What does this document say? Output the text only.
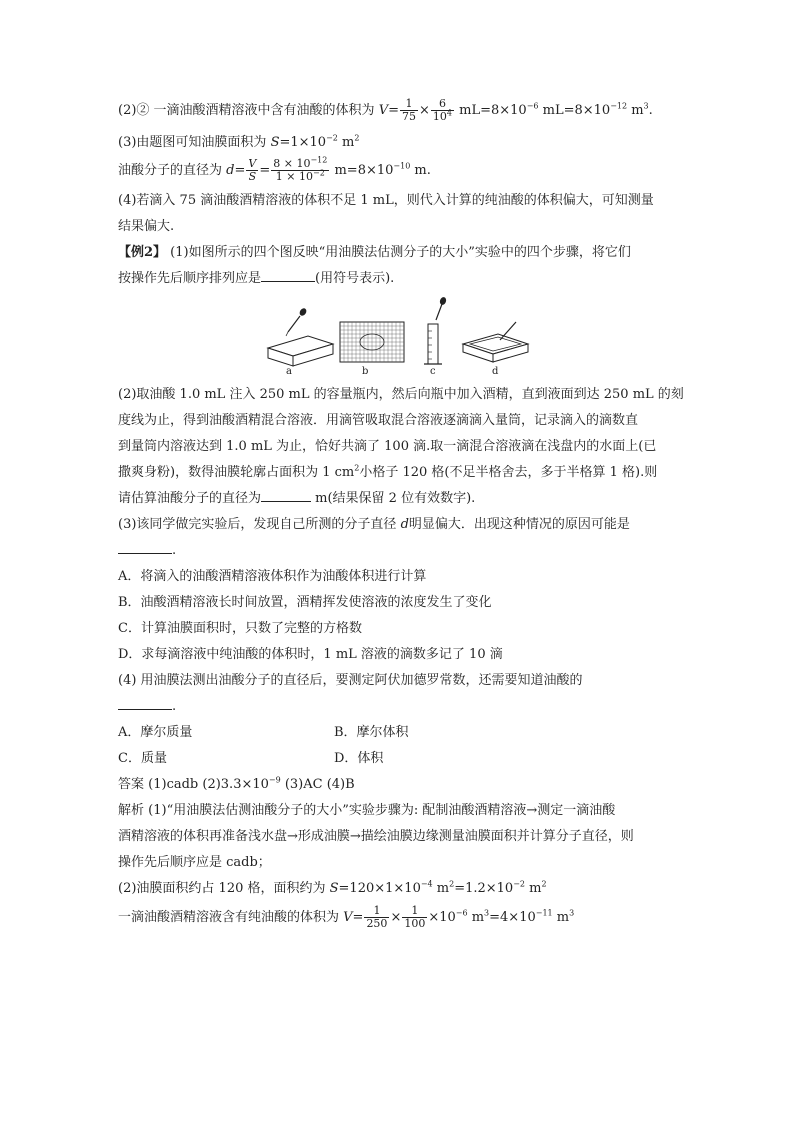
(2)② 一滴油酸酒精溶液中含有油酸的体积为 $V= \frac{1}{75} \times \frac{6}{10^4} mL=8\times 10^{-6}$ $mL=8\times 10^{-12}$ $m^3$.
(3)由题图可知油膜面积为 $S=1\times 10^{-2}$ $m^2$
油酸分子的直径为 $d= \frac{V}{S} = \frac{8 \times 10^{-12}}{1 \times 10^{-2}} m=8\times 10^{-10}$ m.
(4)若滴入 75 滴油酸酒精溶液的体积不足 1 mL，则代入计算的纯油酸的体积偏大，可知测量
结果偏大.
【例2】 (1)如图所示的四个图反映“用油膜法估测分子的大小”实验中的四个步骤，将它们
按操作先后顺序排列应是	(用符号表示).
a	b	c	d
(2)取油酸 1.0 mL 注入 250 mL 的容量瓶内，然后向瓶中加入酒精，直到液面到达 250 mL 的刻
度线为止，得到油酸酒精混合溶液．用滴管吸取混合溶液逐滴滴入量筒，记录滴入的滴数直
到量筒内溶液达到 1.0 mL 为止，恰好共滴了 100 滴.取一滴混合溶液滴在浅盘内的水面上(已
撒爽身粉)，数得油膜轮廓占面积为 1 $cm^2$小格子 120 格(不足半格舍去，多于半格算 1 格).则
请估算油酸分子的直径为	m(结果保留 2 位有效数字).
(3)该同学做完实验后，发现自己所测的分子直径 d明显偏大．出现这种情况的原因可能是
.
A．将滴入的油酸酒精溶液体积作为油酸体积进行计算
B．油酸酒精溶液长时间放置，酒精挥发使溶液的浓度发生了变化
C．计算油膜面积时，只数了完整的方格数
D．求每滴溶液中纯油酸的体积时，1 mL 溶液的滴数多记了 10 滴
(4) 用油膜法测出油酸分子的直径后，要测定阿伏加德罗常数，还需要知道油酸的
.
A．摩尔质量	B．摩尔体积
C．质量	D．体积
答案 (1)cadb $(2)3.3\times 10^{-9}$ (3)AC (4)B
解析 (1)“用油膜法估测油酸分子的大小”实验步骤为: 配制油酸酒精溶液→测定一滴油酸
酒精溶液的体积再准备浅水盘→形成油膜→描绘油膜边缘测量油膜面积并计算分子直径，则
操作先后顺序应是 cadb；
(2)油膜面积约占 120 格，面积约为 $S=120\times 1\times 10^{-4}$ $m^2=1.2\times 10^{-2}$ $m^2$
一滴油酸酒精溶液含有纯油酸的体积为 $V= \frac{1}{250} \times \frac{1}{100} \times 10^{-6}$ $m^3=4\times 10^{-11}$ $m^3$
